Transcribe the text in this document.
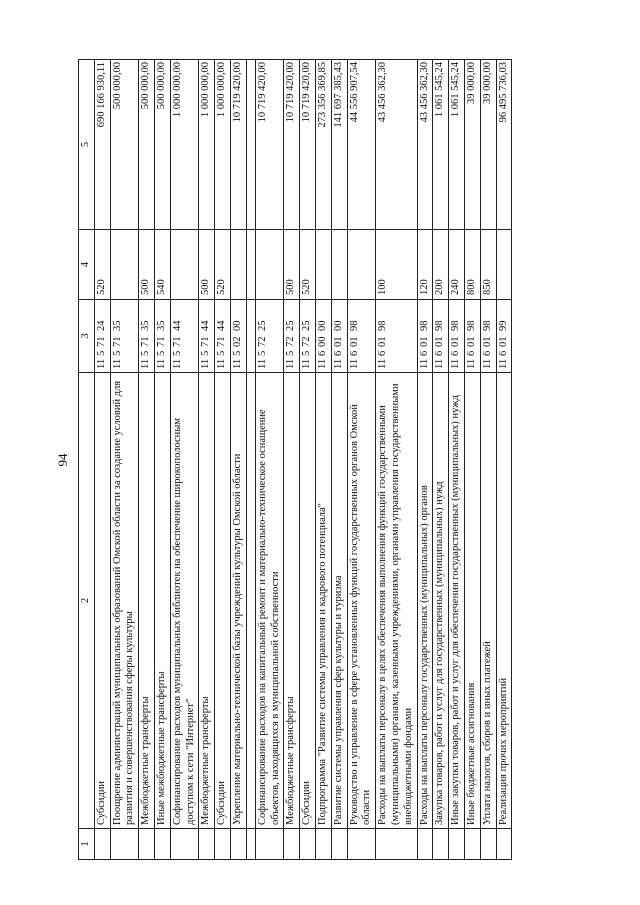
94
1	2	3	4	5
	Субсидии	1157124	520	690 166 930,11
	Поощрение администраций муниципальных образований Омской области за создание условий для развития и совершенствования сферы культуры	1157135		500 000,00
	Межбюджетные трансферты	1157135	500	500 000,00
	Иные межбюджетные трансферты	1157135	540	500 000,00
	Софинансирование расходов муниципальных библиотек на обеспечение широкополосным доступом к сети "Интернет"	1157144		1 000 000,00
	Межбюджетные трансферты	1157144	500	1 000 000,00
	Субсидии	1157144	520	1 000 000,00
	Укрепление материально-технической базы учреждений культуры Омской области	1150200		10 719 420,00

	Софинансирование расходов на капитальный ремонт и материально-техническое оснащение объектов, находящихся в муниципальной собственности	1157225		10 719 420,00
	Межбюджетные трансферты	1157225	500	10 719 420,00
	Субсидии	1157225	520	10 719 420,00
	Подпрограмма "Развитие системы управления и кадрового потенциала"	1160000		273 356 369,85
	Развитие системы управления сфер культуры и туризма	1160100		141 697 385,43
	Руководство и управление в сфере установленных функций государственных органов Омской области	1160198		44 556 907,54
	Расходы на выплаты персоналу в целях обеспечения выполнения функций государственными (муниципальными) органами, казенными учреждениями, органами управления государственными внебюджетными фондами	1160198	100	43 456 362,30
	Расходы на выплаты персоналу государственных (муниципальных) органов	1160198	120	43 456 362,30
	Закупка товаров, работ и услуг для государственных (муниципальных) нужд	1160198	200	1 061 545,24
	Иные закупки товаров, работ и услуг для обеспечения государственных (муниципальных) нужд	1160198	240	1 061 545,24
	Иные бюджетные ассигнования	1160198	800	39 000,00
	Уплата налогов, сборов и иных платежей	1160198	850	39 000,00
	Реализация прочих мероприятий	1160199		96 495 736,03
